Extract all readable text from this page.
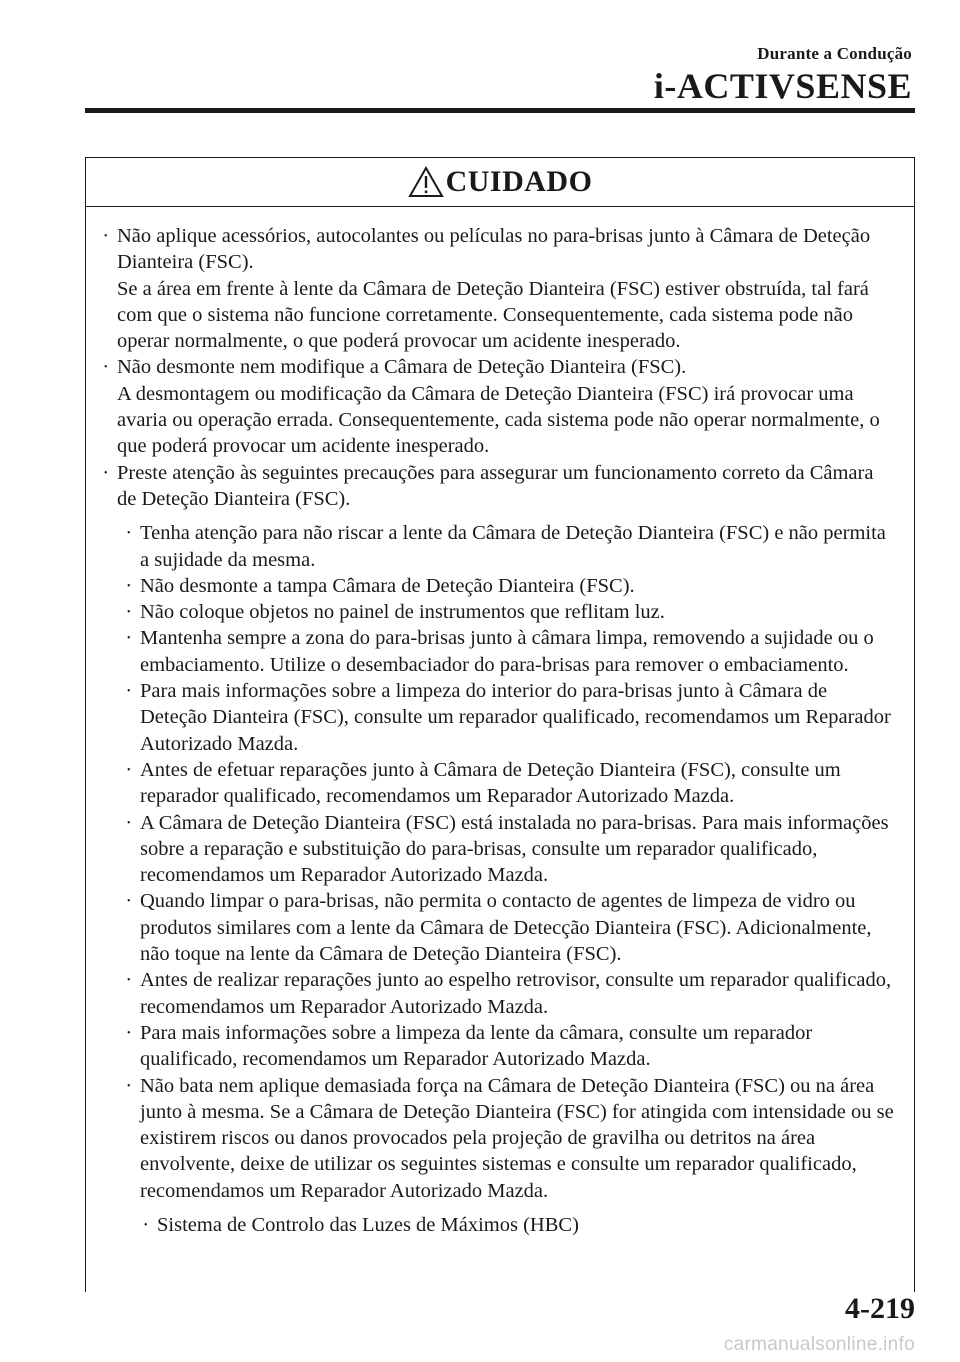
Durante a Condução
i-ACTIVSENSE
CUIDADO
• Não aplique acessórios, autocolantes ou películas no para-brisas junto à Câmara de Deteção Dianteira (FSC).
Se a área em frente à lente da Câmara de Deteção Dianteira (FSC) estiver obstruída, tal fará com que o sistema não funcione corretamente. Consequentemente, cada sistema pode não operar normalmente, o que poderá provocar um acidente inesperado.
• Não desmonte nem modifique a Câmara de Deteção Dianteira (FSC).
A desmontagem ou modificação da Câmara de Deteção Dianteira (FSC) irá provocar uma avaria ou operação errada. Consequentemente, cada sistema pode não operar normalmente, o que poderá provocar um acidente inesperado.
• Preste atenção às seguintes precauções para assegurar um funcionamento correto da Câmara de Deteção Dianteira (FSC).
• Tenha atenção para não riscar a lente da Câmara de Deteção Dianteira (FSC) e não permita a sujidade da mesma.
• Não desmonte a tampa Câmara de Deteção Dianteira (FSC).
• Não coloque objetos no painel de instrumentos que reflitam luz.
• Mantenha sempre a zona do para-brisas junto à câmara limpa, removendo a sujidade ou o embaciamento. Utilize o desembaciador do para-brisas para remover o embaciamento.
• Para mais informações sobre a limpeza do interior do para-brisas junto à Câmara de Deteção Dianteira (FSC), consulte um reparador qualificado, recomendamos um Reparador Autorizado Mazda.
• Antes de efetuar reparações junto à Câmara de Deteção Dianteira (FSC), consulte um reparador qualificado, recomendamos um Reparador Autorizado Mazda.
• A Câmara de Deteção Dianteira (FSC) está instalada no para-brisas. Para mais informações sobre a reparação e substituição do para-brisas, consulte um reparador qualificado, recomendamos um Reparador Autorizado Mazda.
• Quando limpar o para-brisas, não permita o contacto de agentes de limpeza de vidro ou produtos similares com a lente da Câmara de Detecção Dianteira (FSC). Adicionalmente, não toque na lente da Câmara de Deteção Dianteira (FSC).
• Antes de realizar reparações junto ao espelho retrovisor, consulte um reparador qualificado, recomendamos um Reparador Autorizado Mazda.
• Para mais informações sobre a limpeza da lente da câmara, consulte um reparador qualificado, recomendamos um Reparador Autorizado Mazda.
• Não bata nem aplique demasiada força na Câmara de Deteção Dianteira (FSC) ou na área junto à mesma. Se a Câmara de Deteção Dianteira (FSC) for atingida com intensidade ou se existirem riscos ou danos provocados pela projeção de gravilha ou detritos na área envolvente, deixe de utilizar os seguintes sistemas e consulte um reparador qualificado, recomendamos um Reparador Autorizado Mazda.
• Sistema de Controlo das Luzes de Máximos (HBC)
4-219
carmanualsonline.info
